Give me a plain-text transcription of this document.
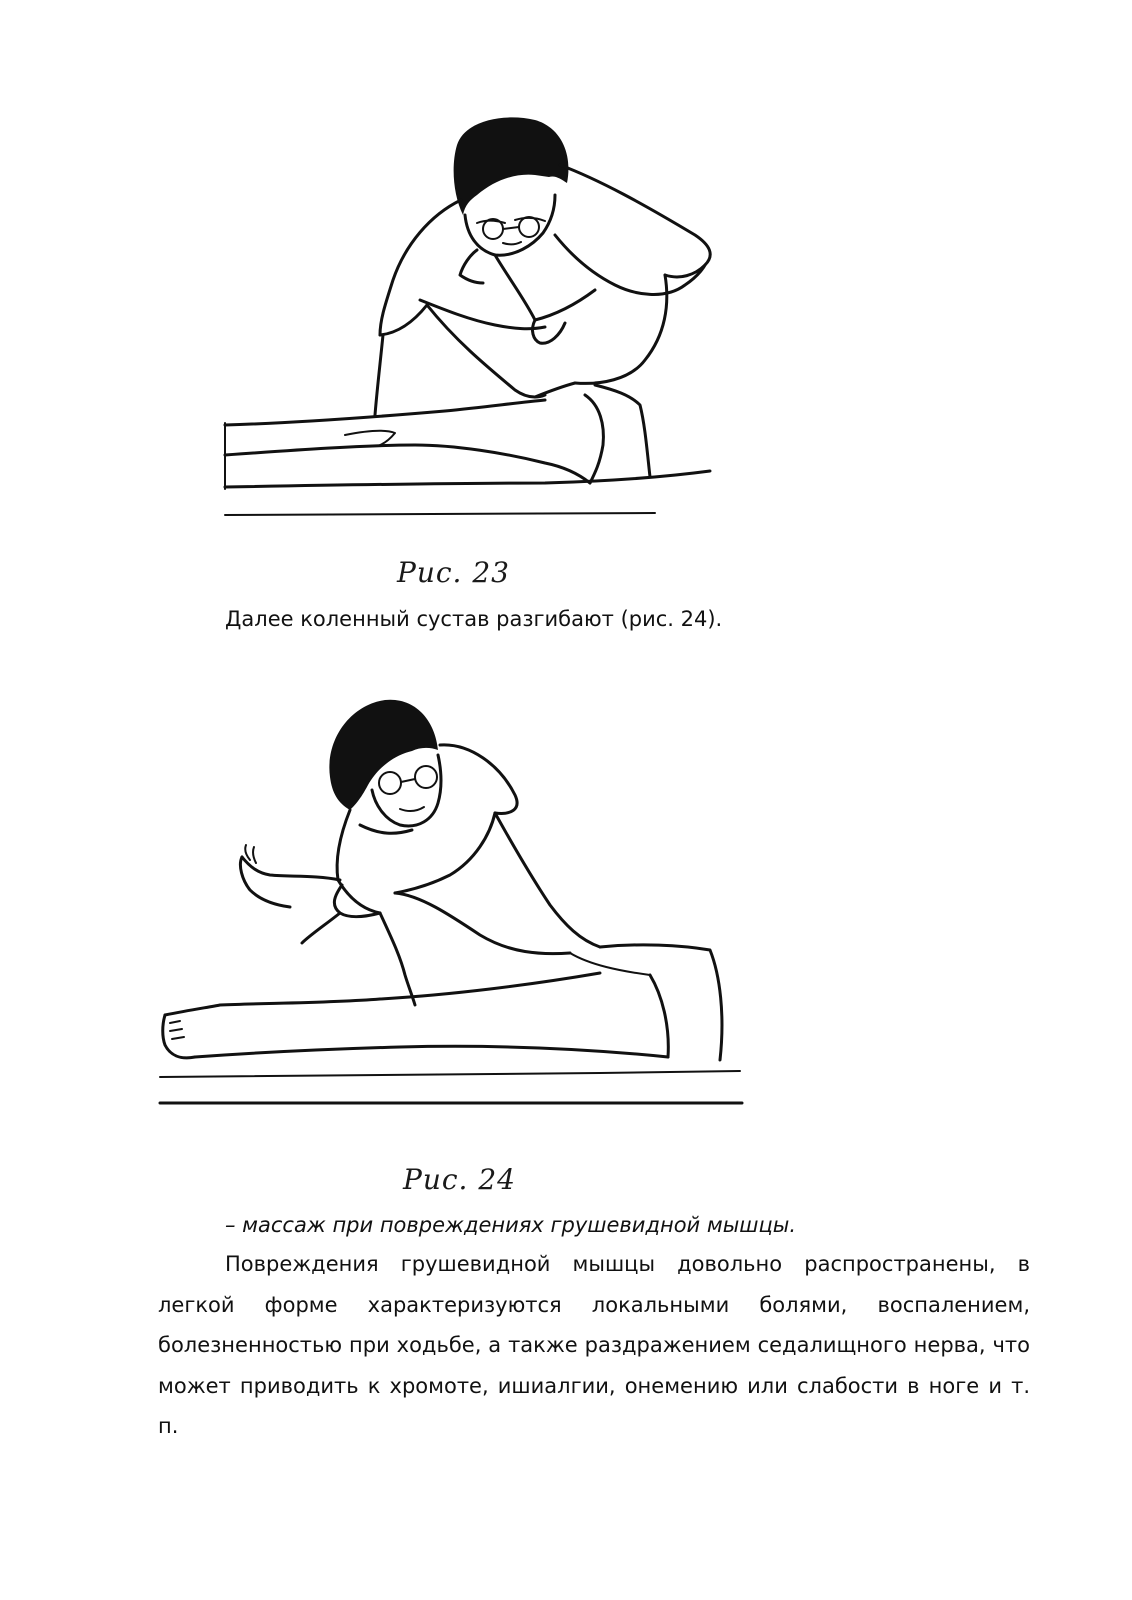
Рис. 23
Далее коленный сустав разгибают (рис. 24).
Рис. 24
– массаж при повреждениях грушевидной мышцы.
Повреждения грушевидной мышцы довольно распространены, в легкой форме характеризуются локальными болями, воспалением, болезненностью при ходьбе, а также раздражением седалищного нерва, что может приводить к хромоте, ишиалгии, онемению или слабости в ноге и т. п.
